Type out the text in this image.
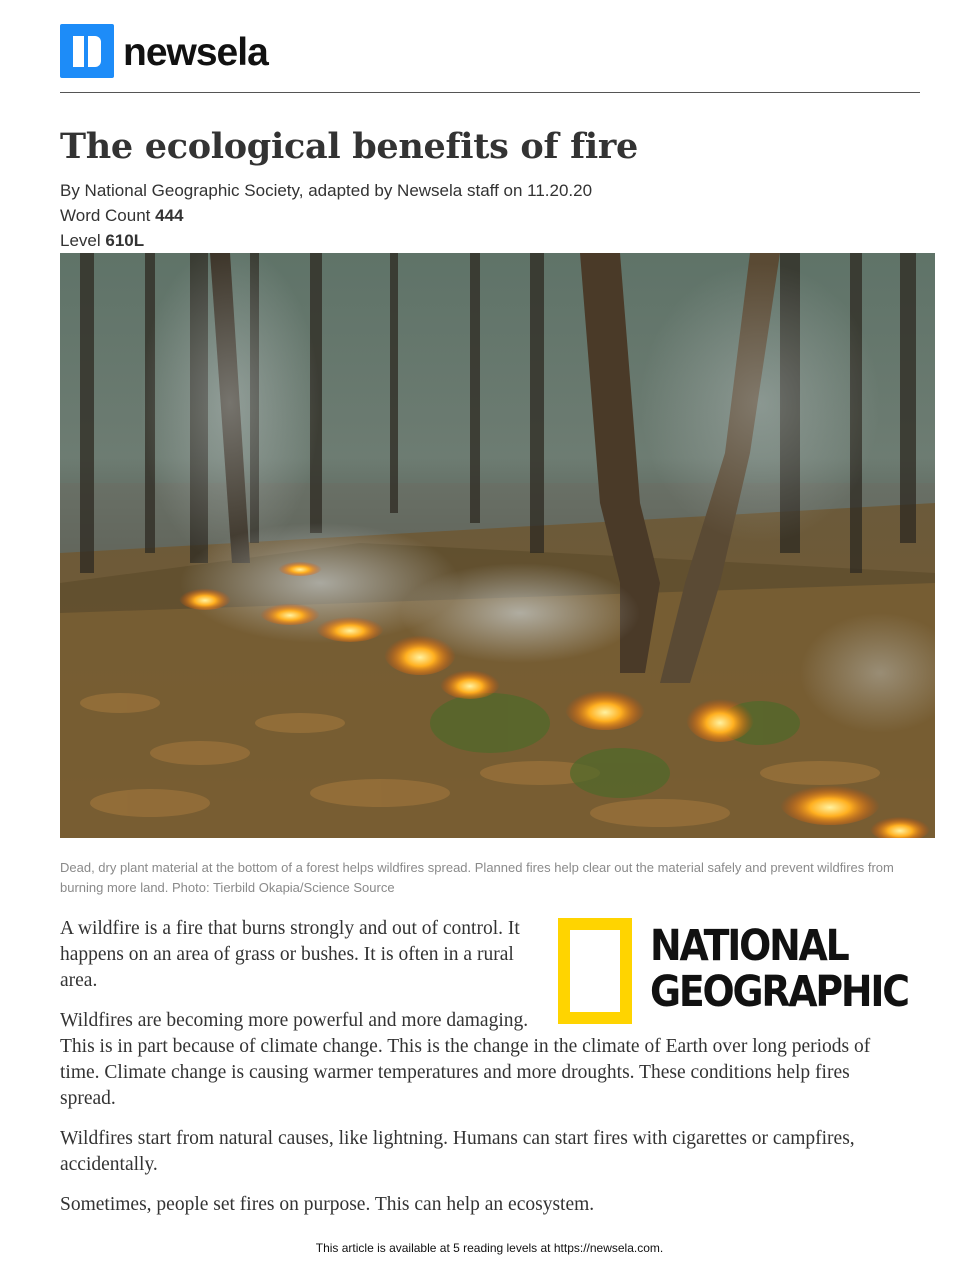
newsela
The ecological benefits of fire
By National Geographic Society, adapted by Newsela staff on 11.20.20
Word Count 444
Level 610L
Dead, dry plant material at the bottom of a forest helps wildfires spread. Planned fires help clear out the material safely and prevent wildfires from burning more land. Photo: Tierbild Okapia/Science Source
NATIONAL
GEOGRAPHIC

A wildfire is a fire that burns strongly and out of control. It happens on an area of grass or bushes. It is often in a rural area.

Wildfires are becoming more powerful and more damaging. This is in part because of climate change. This is the change in the climate of Earth over long periods of time. Climate change is causing warmer temperatures and more droughts. These conditions help fires spread.

Wildfires start from natural causes, like lightning. Humans can start fires with cigarettes or campfires, accidentally.

Sometimes, people set fires on purpose. This can help an ecosystem.

This article is available at 5 reading levels at https://newsela.com.
